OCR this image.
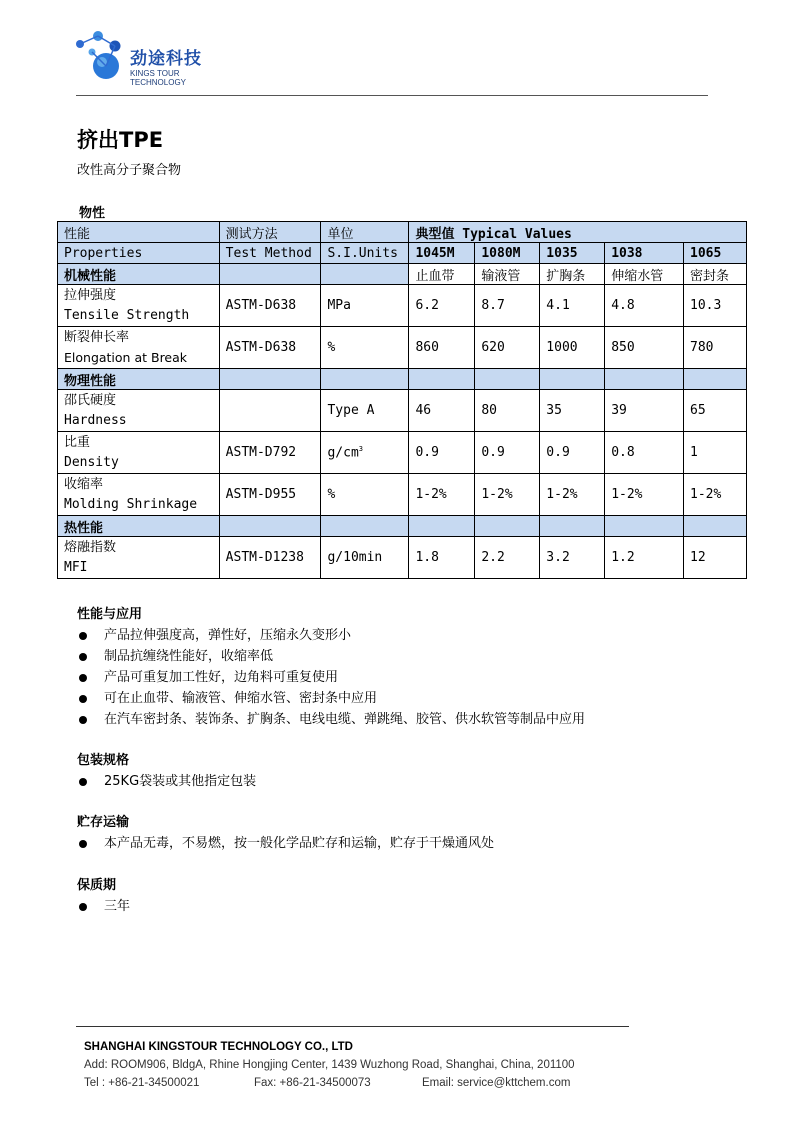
劲途科技
KINGS TOUR
TECHNOLOGY
挤出TPE
改性高分子聚合物
物性
性能	测试方法	单位	典型值 Typical Values				
Properties	Test Method	S.I.Units	1045M	1080M	1035	1038	1065
机械性能			止血带	输液管	扩胸条	伸缩水管	密封条

拉伸强度
Tensile Strength	ASTM-D638	MPa	6.2	8.7	4.1	4.8	10.3

断裂伸长率
Elongation at Break	ASTM-D638	%	860	620	1000	850	780
物理性能							

邵氏硬度
Hardness		Type A	46	80	35	39	65

比重
Density	ASTM-D792	$g/cm^3$	0.9	0.9	0.9	0.8	1

收缩率
Molding Shrinkage	ASTM-D955	%	1-2%	1-2%	1-2%	1-2%	1-2%
热性能							

熔融指数
MFI	ASTM-D1238	g/10min	1.8	2.2	3.2	1.2	12
性能与应用
产品拉伸强度高，弹性好，压缩永久变形小
制品抗缠绕性能好，收缩率低
产品可重复加工性好，边角料可重复使用
可在止血带、输液管、伸缩水管、密封条中应用
在汽车密封条、装饰条、扩胸条、电线电缆、弹跳绳、胶管、供水软管等制品中应用
包装规格
25KG袋装或其他指定包装
贮存运输
本产品无毒，不易燃，按一般化学品贮存和运输，贮存于干燥通风处
保质期
三年
SHANGHAI KINGSTOUR TECHNOLOGY CO., LTD
Add: ROOM906, BldgA, Rhine Hongjing Center, 1439 Wuzhong Road, Shanghai, China, 201100
Tel : +86-21-34500021	Fax: +86-21-34500073	Email: service@kttchem.com
